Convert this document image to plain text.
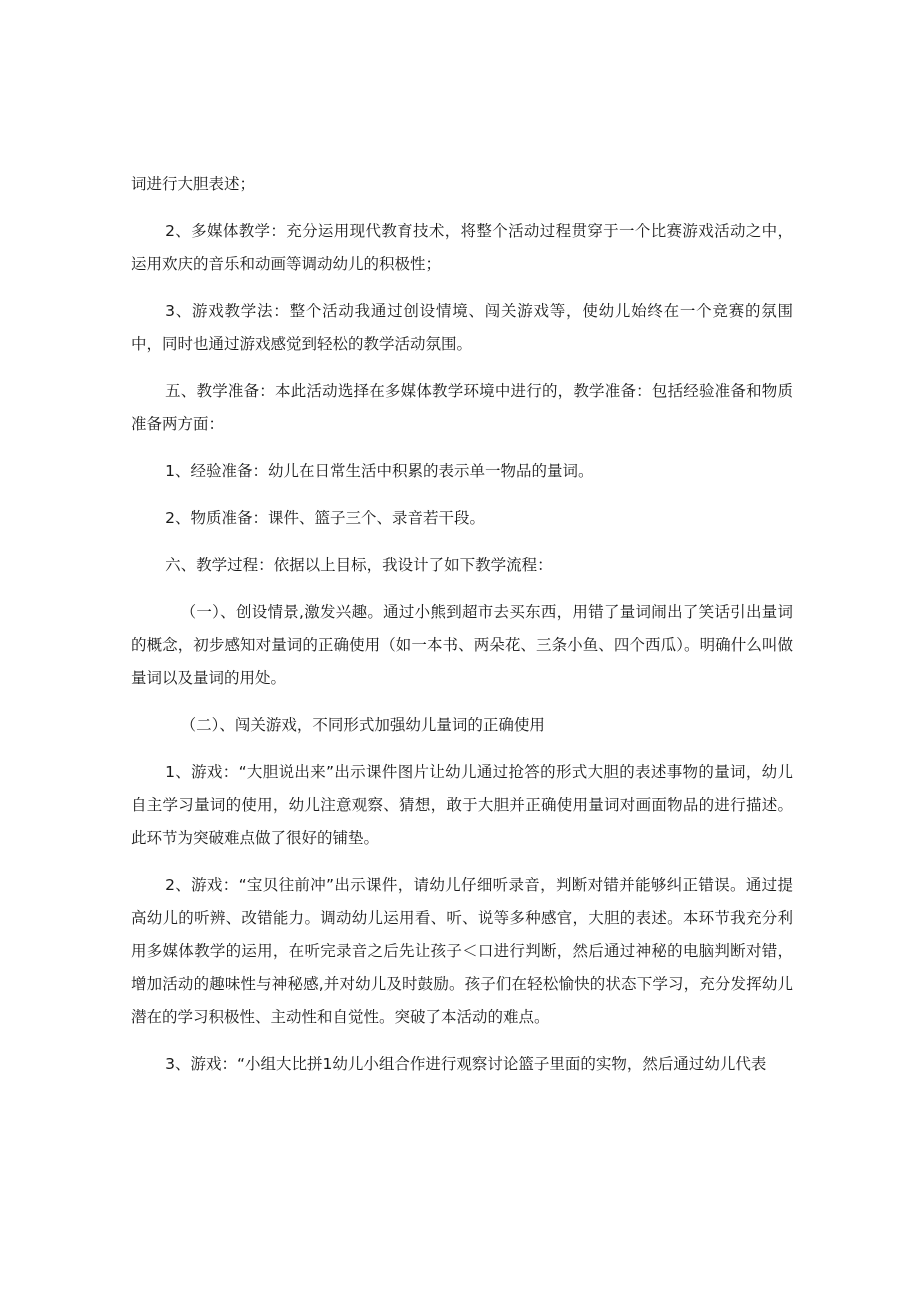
词进行大胆表述；

2、多媒体教学：充分运用现代教育技术，将整个活动过程贯穿于一个比赛游戏活动之中，运用欢庆的音乐和动画等调动幼儿的积极性；

3、游戏教学法：整个活动我通过创设情境、闯关游戏等，使幼儿始终在一个竞赛的氛围中，同时也通过游戏感觉到轻松的教学活动氛围。

五、教学准备：本此活动选择在多媒体教学环境中进行的，教学准备：包括经验准备和物质准备两方面：

1、经验准备：幼儿在日常生活中积累的表示单一物品的量词。

2、物质准备：课件、篮子三个、录音若干段。

六、教学过程：依据以上目标，我设计了如下教学流程：

（一）、创设情景,激发兴趣。通过小熊到超市去买东西，用错了量词闹出了笑话引出量词的概念，初步感知对量词的正确使用（如一本书、两朵花、三条小鱼、四个西瓜）。明确什么叫做量词以及量词的用处。

（二）、闯关游戏，不同形式加强幼儿量词的正确使用

1、游戏：“大胆说出来”出示课件图片让幼儿通过抢答的形式大胆的表述事物的量词，幼儿自主学习量词的使用，幼儿注意观察、猜想，敢于大胆并正确使用量词对画面物品的进行描述。此环节为突破难点做了很好的铺垫。

2、游戏：“宝贝往前冲”出示课件，请幼儿仔细听录音，判断对错并能够纠正错误。通过提高幼儿的听辨、改错能力。调动幼儿运用看、听、说等多种感官，大胆的表述。本环节我充分利用多媒体教学的运用，在听完录音之后先让孩子＜口进行判断，然后通过神秘的电脑判断对错，增加活动的趣味性与神秘感,并对幼儿及时鼓励。孩子们在轻松愉快的状态下学习，充分发挥幼儿潜在的学习积极性、主动性和自觉性。突破了本活动的难点。

3、游戏：“小组大比拼1幼儿小组合作进行观察讨论篮子里面的实物，然后通过幼儿代表
